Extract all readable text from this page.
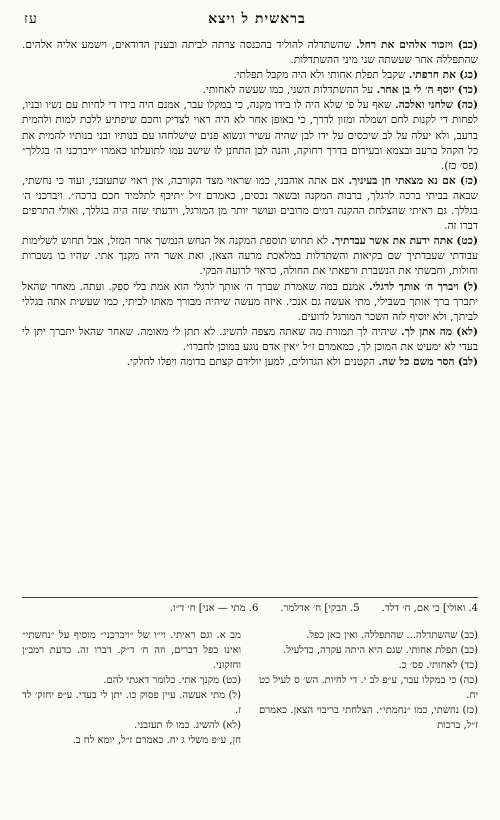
בראשית ל ויצא
עז

(כב) ויזכור אלהים את רחל. שהשתדלה להוליד בהכנסה צרתה לביתה ובענין הדודאים, וישמע אליה אלהים. שהתפללה אחר שעשתה שני מיני ההשתדלות.

(כג) את חרפתי. שקבל תפלת אחותי ולא היה מקבל תפלתי.

(כד) יוסף ה׳ לי בן אחר. על ההשתדלות השני, כמו שעשה לאחותי.

(כה) שלחני ואלכה. שאף על פי שלא היה לו בידו מקנה, כי במקלו עבר, אמנם היה בידו די לחיות עם נשיו ובניו, לפחות די לקנות לחם ושמלה ומזון לדרך, כי באופן אחר לא היה ראוי לצדיק וחכם שיפתיע ללכת למות ולהמית ברעב, ולא יעלה על לב שיכסים על ידו לבן שהיה עשיר ונשוא פנים שישלחהו עם בנותיו ובני בנותיו להמית את כל הקהל ברעב ובצמא ובעירום בדרך רחוקה, והנה לבן התחנן לו שישב עמו לתועלתו כאמרו ״ויברכני ה׳ בגללך״ (פס׳ כז).

(כז) אם נא מצאתי חן בעיניך. אם אתה אוהבני, כמו שראוי מצד הקורבה, אין ראוי שתעזבני, ועוד כי נחשתי, שבאה בביתי ברכה לרגלך, ברבות המקנה ובשאר נכסים, כאמרם ז״ל ״תיכף לתלמיד חכם ברכה״. ויברכני ה׳ בגללך. גם ראיתי שהצלחת ההקנה דמים מרובים ועושר יותר מן המורגל, וידעתי שזה היה בגללך, ואולי התרפים דברו זה.

(כט) אתה ידעת את אשר עבדתיך. לא תחוש תוספת המקנה אל הנחש הנמשך אחר המזל, אבל תחוש לשלימות עבודתי שעבדתיך שם בקיאות והשתדלות במלאכת מרעה הצאן, ואת אשר היה מקנך אתי. שהיו בו נשברות וחולות, וחבשתי את הנשברת ורפאתי את החולה, כראוי לרועה הבקי.

(ל) ויברך ה׳ אותך לרגלי. אמנם במה שאמרת שברך ה׳ אותך לרגלי הוא אמת בלי ספק. ועתה. מאחר שהאל יתברך ברך אותך בשבילי, מתי אעשה גם אנכי. איזה מעשה שיהיה מבורך מאתו לביתי, כמו שעשית אתה בגללי לביתך, ולא יוסיף לזה השכר המורגל לרועים.

(לא) מה אתן לך. שיהיה לך תמורת מה שאתה מצפה להשיג. לא תתן לי מאומה. שאחר שהאל יתברך יתן לי בעדי לא ימעיט את המוכן לך, כמאמרם ז״ל ״אין אדם נוגע במוכן לחברו״.

(לב) הסר משם כל שה. הקטנים ולא הגדולים, למען יולידם קצתם בדומה ויפלו לחלקי.

4. ואולי] כי אם, ח׳ דלד.
5. הבקי] ח׳ אדלמר.
6. מתי — אני] ח׳ ד״ו.

(כב) שהשתדלה... שהתפללה. ואין כאן כפל.

(כב) תפלת אחותי. שגם היא היתה עקרה, כדלעיל.

(כד) לאחותי. פס׳ כ.

(כה) כי במקלו עבר, ע״פ לב י. די לחיות. הש׳ ס לעיל כט יח.

(כז) נחשתי, כמו ״נחמתי״. הצלחתי בריבוי הצאן. כאמרם ז״ל, ברכות

מב א. וגם ראיתי. וי״ו של ״ויברכני״ מוסיף על ״נחשתי״ ואינו כפל דברים, וזה ח׳ ד״ק. דברו זה. כדעת רמב״ן וחזקוני.

(כט) מקנך אתי. כלומר דאגתי להם.

(ל) מתי אעשה. עיין פסוק כו. יתן לי בעדי. ע״פ יחזק׳ לד ז.

(לא) להשיג. כמו לו תעזבני.

חן, ע״פ משלי ג יח. כאמרם ז״ל, יומא לח ב.
